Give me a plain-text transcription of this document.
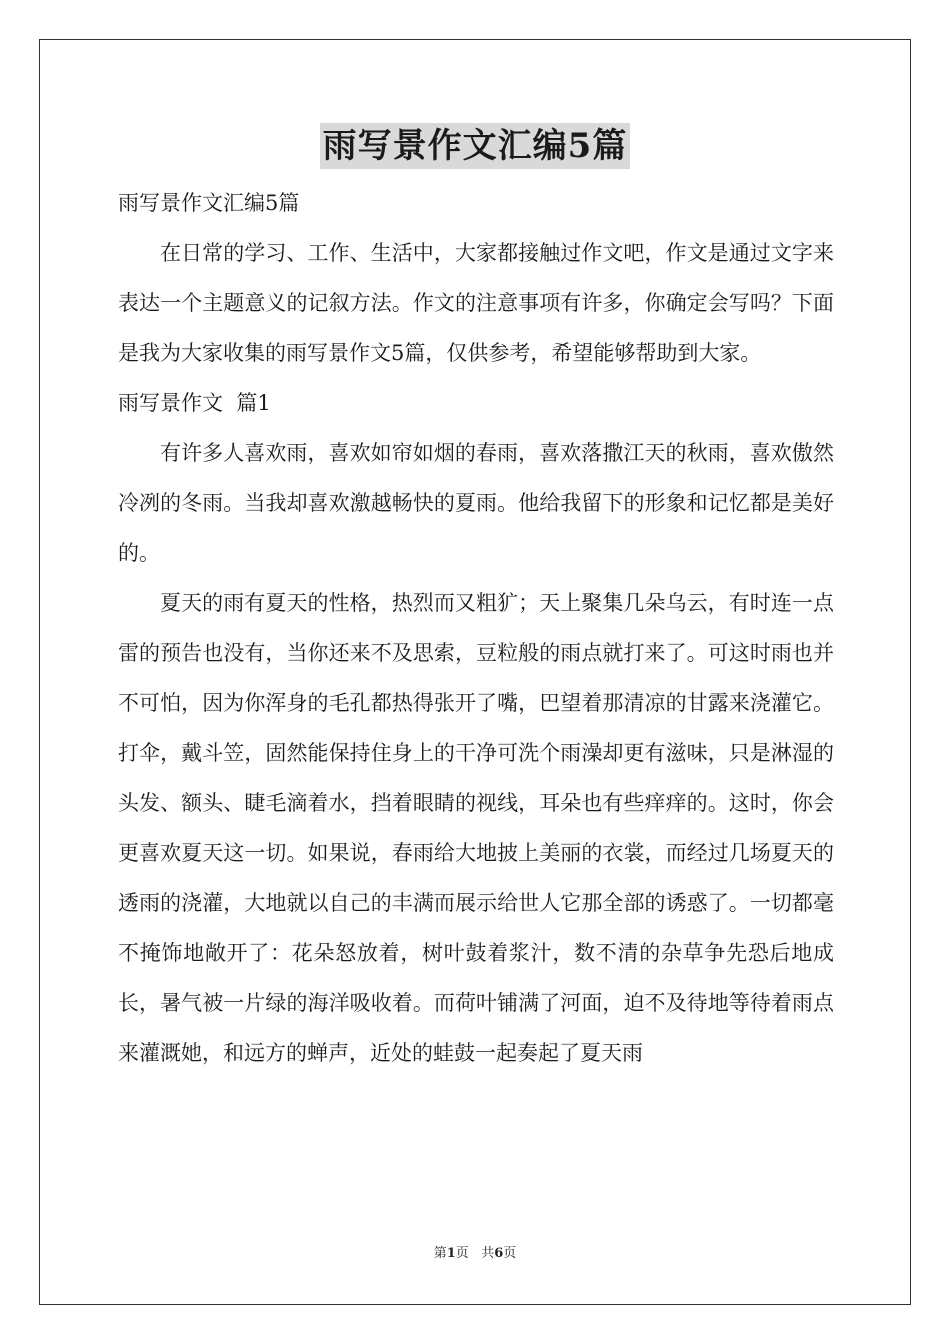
雨写景作文汇编5篇

雨写景作文汇编5篇

在日常的学习、工作、生活中，大家都接触过作文吧，作文是通过文字来表达一个主题意义的记叙方法。作文的注意事项有许多，你确定会写吗？下面是我为大家收集的雨写景作文5篇，仅供参考，希望能够帮助到大家。

雨写景作文  篇1

有许多人喜欢雨，喜欢如帘如烟的春雨，喜欢落撒江天的秋雨，喜欢傲然冷冽的冬雨。当我却喜欢激越畅快的夏雨。他给我留下的形象和记忆都是美好的。

夏天的雨有夏天的性格，热烈而又粗犷；天上聚集几朵乌云，有时连一点雷的预告也没有，当你还来不及思索，豆粒般的雨点就打来了。可这时雨也并不可怕，因为你浑身的毛孔都热得张开了嘴，巴望着那清凉的甘露来浇灌它。打伞，戴斗笠，固然能保持住身上的干净可洗个雨澡却更有滋味，只是淋湿的头发、额头、睫毛滴着水，挡着眼睛的视线，耳朵也有些痒痒的。这时，你会更喜欢夏天这一切。如果说，春雨给大地披上美丽的衣裳，而经过几场夏天的透雨的浇灌，大地就以自己的丰满而展示给世人它那全部的诱惑了。一切都毫不掩饰地敞开了：花朵怒放着，树叶鼓着浆汁，数不清的杂草争先恐后地成长，暑气被一片绿的海洋吸收着。而荷叶铺满了河面，迫不及待地等待着雨点来灌溉她，和远方的蝉声，近处的蛙鼓一起奏起了夏天雨

第1页 共6页
